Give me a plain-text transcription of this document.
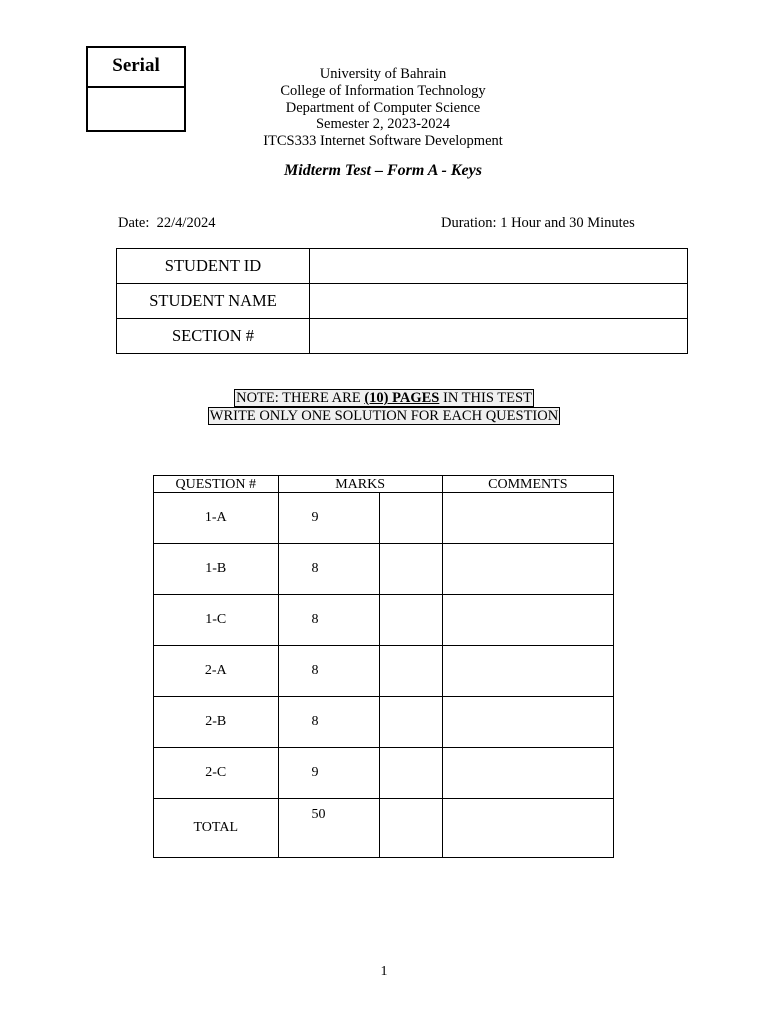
Serial	University of Bahrain
College of Information Technology
Department of Computer Science
Semester 2, 2023-2024
ITCS333 Internet Software Development
Midterm Test – Form A - Keys
Date: 22/4/2024	Duration: 1 Hour and 30 Minutes
STUDENT ID	
STUDENT NAME	
SECTION #	
NOTE: THERE ARE (10) PAGES IN THIS TEST
WRITE ONLY ONE SOLUTION FOR EACH QUESTION
QUESTION #	MARKS		COMMENTS
1-A	9		
1-B	8		
1-C	8		
2-A	8		
2-B	8		
2-C	9		
TOTAL	50		
1
